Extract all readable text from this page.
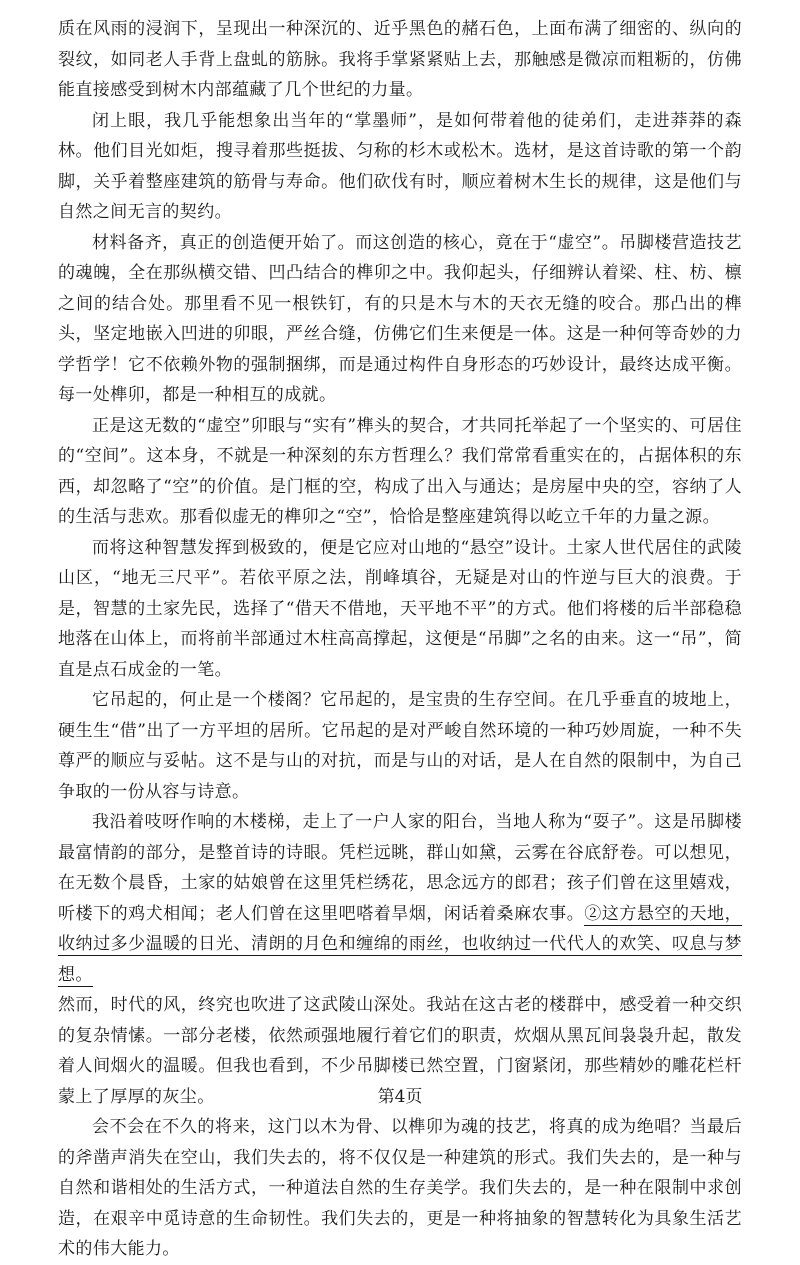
质在风雨的浸润下，呈现出一种深沉的、近乎黑色的赭石色，上面布满了细密的、纵向的裂纹，如同老人手背上盘虬的筋脉。我将手掌紧紧贴上去，那触感是微凉而粗粝的，仿佛能直接感受到树木内部蕴藏了几个世纪的力量。

闭上眼，我几乎能想象出当年的“掌墨师”，是如何带着他的徒弟们，走进莽莽的森林。他们目光如炬，搜寻着那些挺拔、匀称的杉木或松木。选材，是这首诗歌的第一个韵脚，关乎着整座建筑的筋骨与寿命。他们砍伐有时，顺应着树木生长的规律，这是他们与自然之间无言的契约。

材料备齐，真正的创造便开始了。而这创造的核心，竟在于“虚空”。吊脚楼营造技艺的魂魄，全在那纵横交错、凹凸结合的榫卯之中。我仰起头，仔细辨认着梁、柱、枋、檩之间的结合处。那里看不见一根铁钉，有的只是木与木的天衣无缝的咬合。那凸出的榫头，坚定地嵌入凹进的卯眼，严丝合缝，仿佛它们生来便是一体。这是一种何等奇妙的力学哲学！它不依赖外物的强制捆绑，而是通过构件自身形态的巧妙设计，最终达成平衡。每一处榫卯，都是一种相互的成就。

正是这无数的“虚空”卯眼与“实有”榫头的契合，才共同托举起了一个坚实的、可居住的“空间”。这本身，不就是一种深刻的东方哲理么？我们常常看重实在的，占据体积的东西，却忽略了“空”的价值。是门框的空，构成了出入与通达；是房屋中央的空，容纳了人的生活与悲欢。那看似虚无的榫卯之“空”，恰恰是整座建筑得以屹立千年的力量之源。

而将这种智慧发挥到极致的，便是它应对山地的“悬空”设计。土家人世代居住的武陵山区，“地无三尺平”。若依平原之法，削峰填谷，无疑是对山的忤逆与巨大的浪费。于是，智慧的土家先民，选择了“借天不借地，天平地不平”的方式。他们将楼的后半部稳稳地落在山体上，而将前半部通过木柱高高撑起，这便是“吊脚”之名的由来。这一“吊”，简直是点石成金的一笔。

它吊起的，何止是一个楼阁？它吊起的，是宝贵的生存空间。在几乎垂直的坡地上，硬生生“借”出了一方平坦的居所。它吊起的是对严峻自然环境的一种巧妙周旋，一种不失尊严的顺应与妥帖。这不是与山的对抗，而是与山的对话，是人在自然的限制中，为自己争取的一份从容与诗意。

我沿着吱呀作响的木楼梯，走上了一户人家的阳台，当地人称为“耍子”。这是吊脚楼最富情韵的部分，是整首诗的诗眼。凭栏远眺，群山如黛，云雾在谷底舒卷。可以想见，在无数个晨昏，土家的姑娘曾在这里凭栏绣花，思念远方的郎君；孩子们曾在这里嬉戏，听楼下的鸡犬相闻；老人们曾在这里吧嗒着旱烟，闲话着桑麻农事。②这方悬空的天地，收纳过多少温暖的日光、清朗的月色和缠绵的雨丝，也收纳过一代代人的欢笑、叹息与梦想。

然而，时代的风，终究也吹进了这武陵山深处。我站在这古老的楼群中，感受着一种交织的复杂情愫。一部分老楼，依然顽强地履行着它们的职责，炊烟从黑瓦间袅袅升起，散发着人间烟火的温暖。但我也看到，不少吊脚楼已然空置，门窗紧闭，那些精妙的雕花栏杆蒙上了厚厚的灰尘。

会不会在不久的将来，这门以木为骨、以榫卯为魂的技艺，将真的成为绝唱？当最后的斧凿声消失在空山，我们失去的，将不仅仅是一种建筑的形式。我们失去的，是一种与自然和谐相处的生活方式，一种道法自然的生存美学。我们失去的，是一种在限制中求创造，在艰辛中觅诗意的生命韧性。我们失去的，更是一种将抽象的智慧转化为具象生活艺术的伟大能力。

第4页
